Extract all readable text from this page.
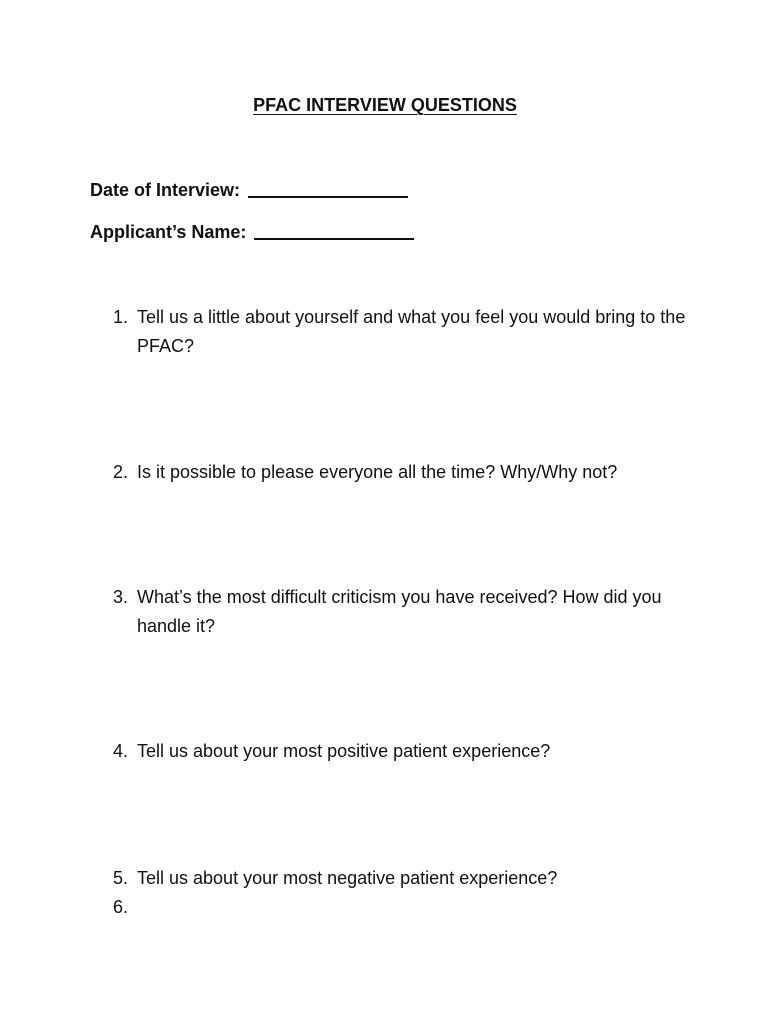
PFAC INTERVIEW QUESTIONS
Date of Interview:
Applicant’s Name:
1. Tell us a little about yourself and what you feel you would bring to the PFAC?
2. Is it possible to please everyone all the time? Why/Why not?
3. What’s the most difficult criticism you have received? How did you handle it?
4. Tell us about your most positive patient experience?
5. Tell us about your most negative patient experience?
6.
